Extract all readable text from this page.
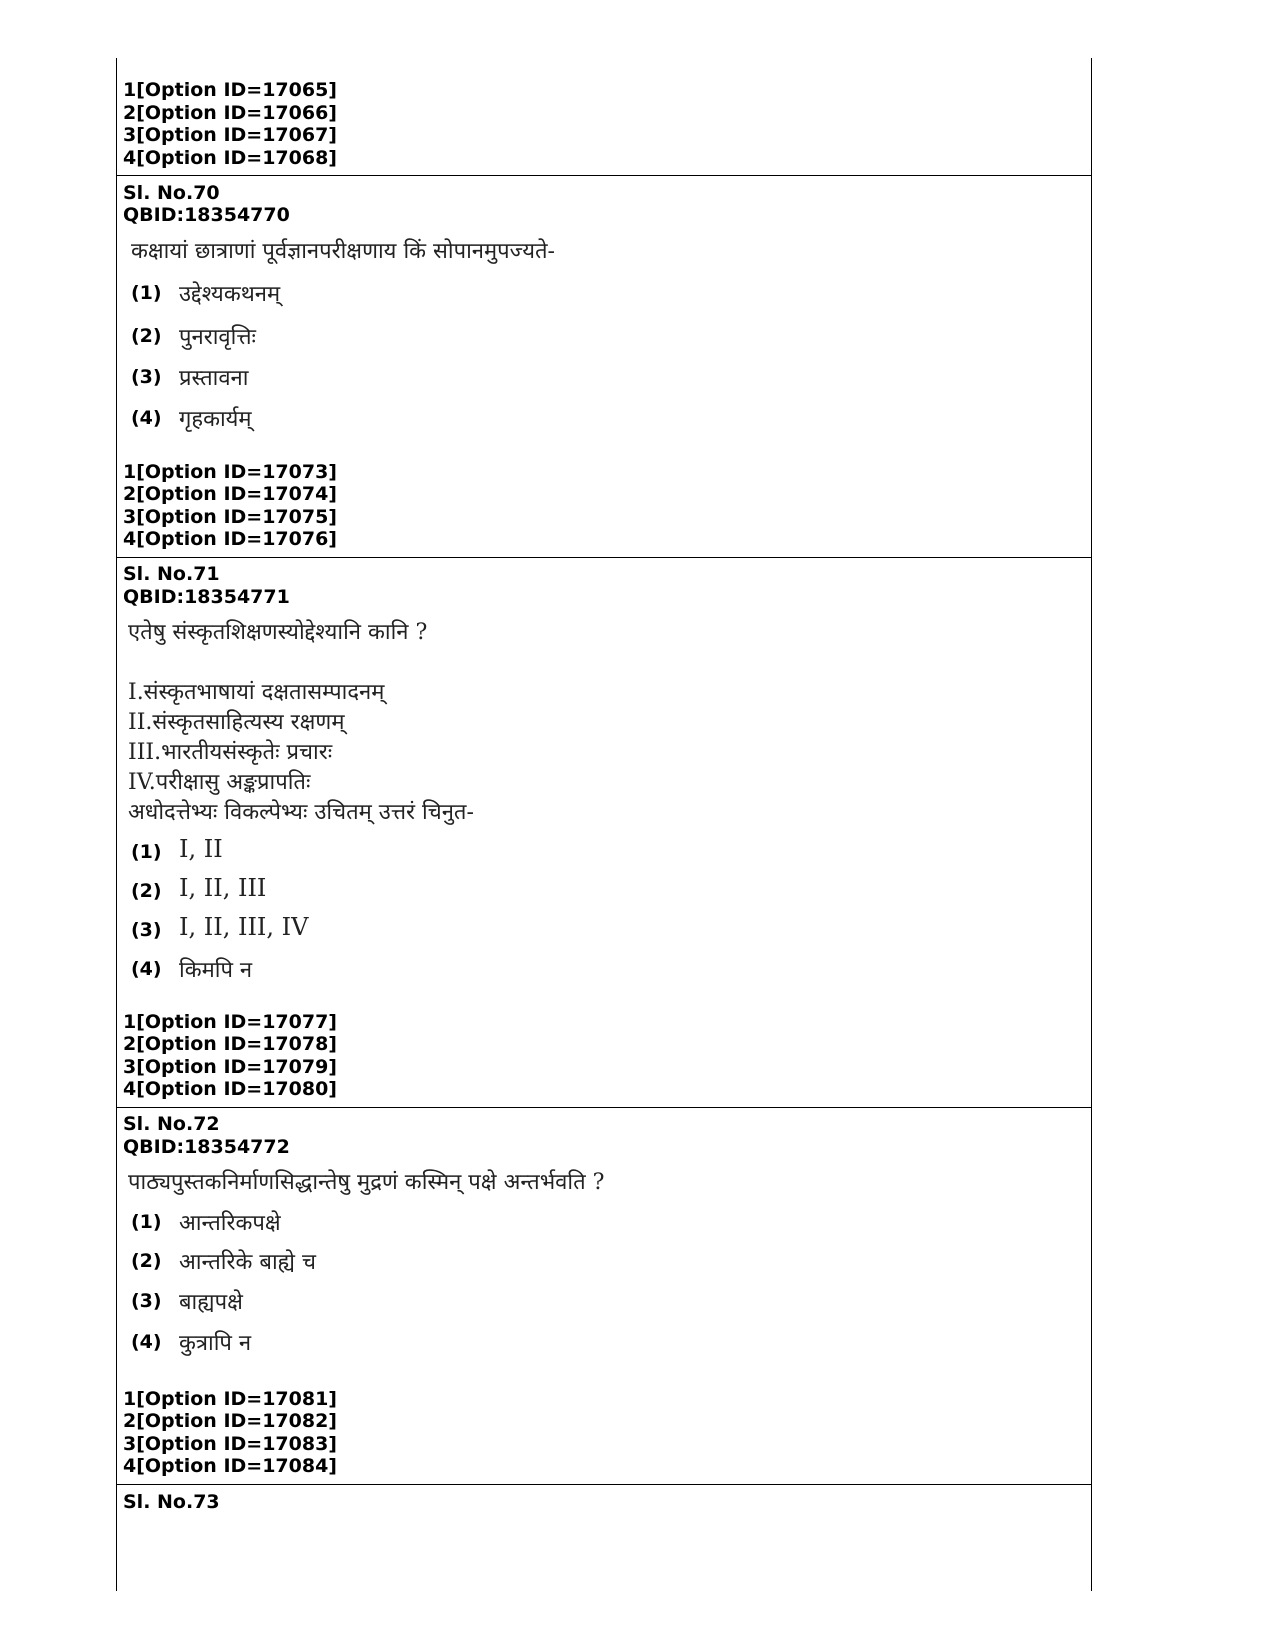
1[Option ID=17065]
2[Option ID=17066]
3[Option ID=17067]
4[Option ID=17068]
Sl. No.70
QBID:18354770
कक्षायां छात्राणां पूर्वज्ञानपरीक्षणाय किं सोपानमुपज्यते-
(1) उद्देश्यकथनम्
(2) पुनरावृत्तिः
(3) प्रस्तावना
(4) गृहकार्यम्
1[Option ID=17073]
2[Option ID=17074]
3[Option ID=17075]
4[Option ID=17076]
Sl. No.71
QBID:18354771
एतेषु संस्कृतशिक्षणस्योद्देश्यानि कानि ?
I.संस्कृतभाषायां दक्षतासम्पादनम्
II.संस्कृतसाहित्यस्य रक्षणम्
III.भारतीयसंस्कृतेः प्रचारः
IV.परीक्षासु अङ्कप्रापतिः
अधोदत्तेभ्यः विकल्पेभ्यः उचितम् उत्तरं चिनुत-
(1) I, II
(2) I, II, III
(3) I, II, III, IV
(4) किमपि न
1[Option ID=17077]
2[Option ID=17078]
3[Option ID=17079]
4[Option ID=17080]
Sl. No.72
QBID:18354772
पाठ्यपुस्तकनिर्माणसिद्धान्तेषु मुद्रणं कस्मिन् पक्षे अन्तर्भवति ?
(1) आन्तरिकपक्षे
(2) आन्तरिके बाह्ये च
(3) बाह्यपक्षे
(4) कुत्रापि न
1[Option ID=17081]
2[Option ID=17082]
3[Option ID=17083]
4[Option ID=17084]
Sl. No.73
